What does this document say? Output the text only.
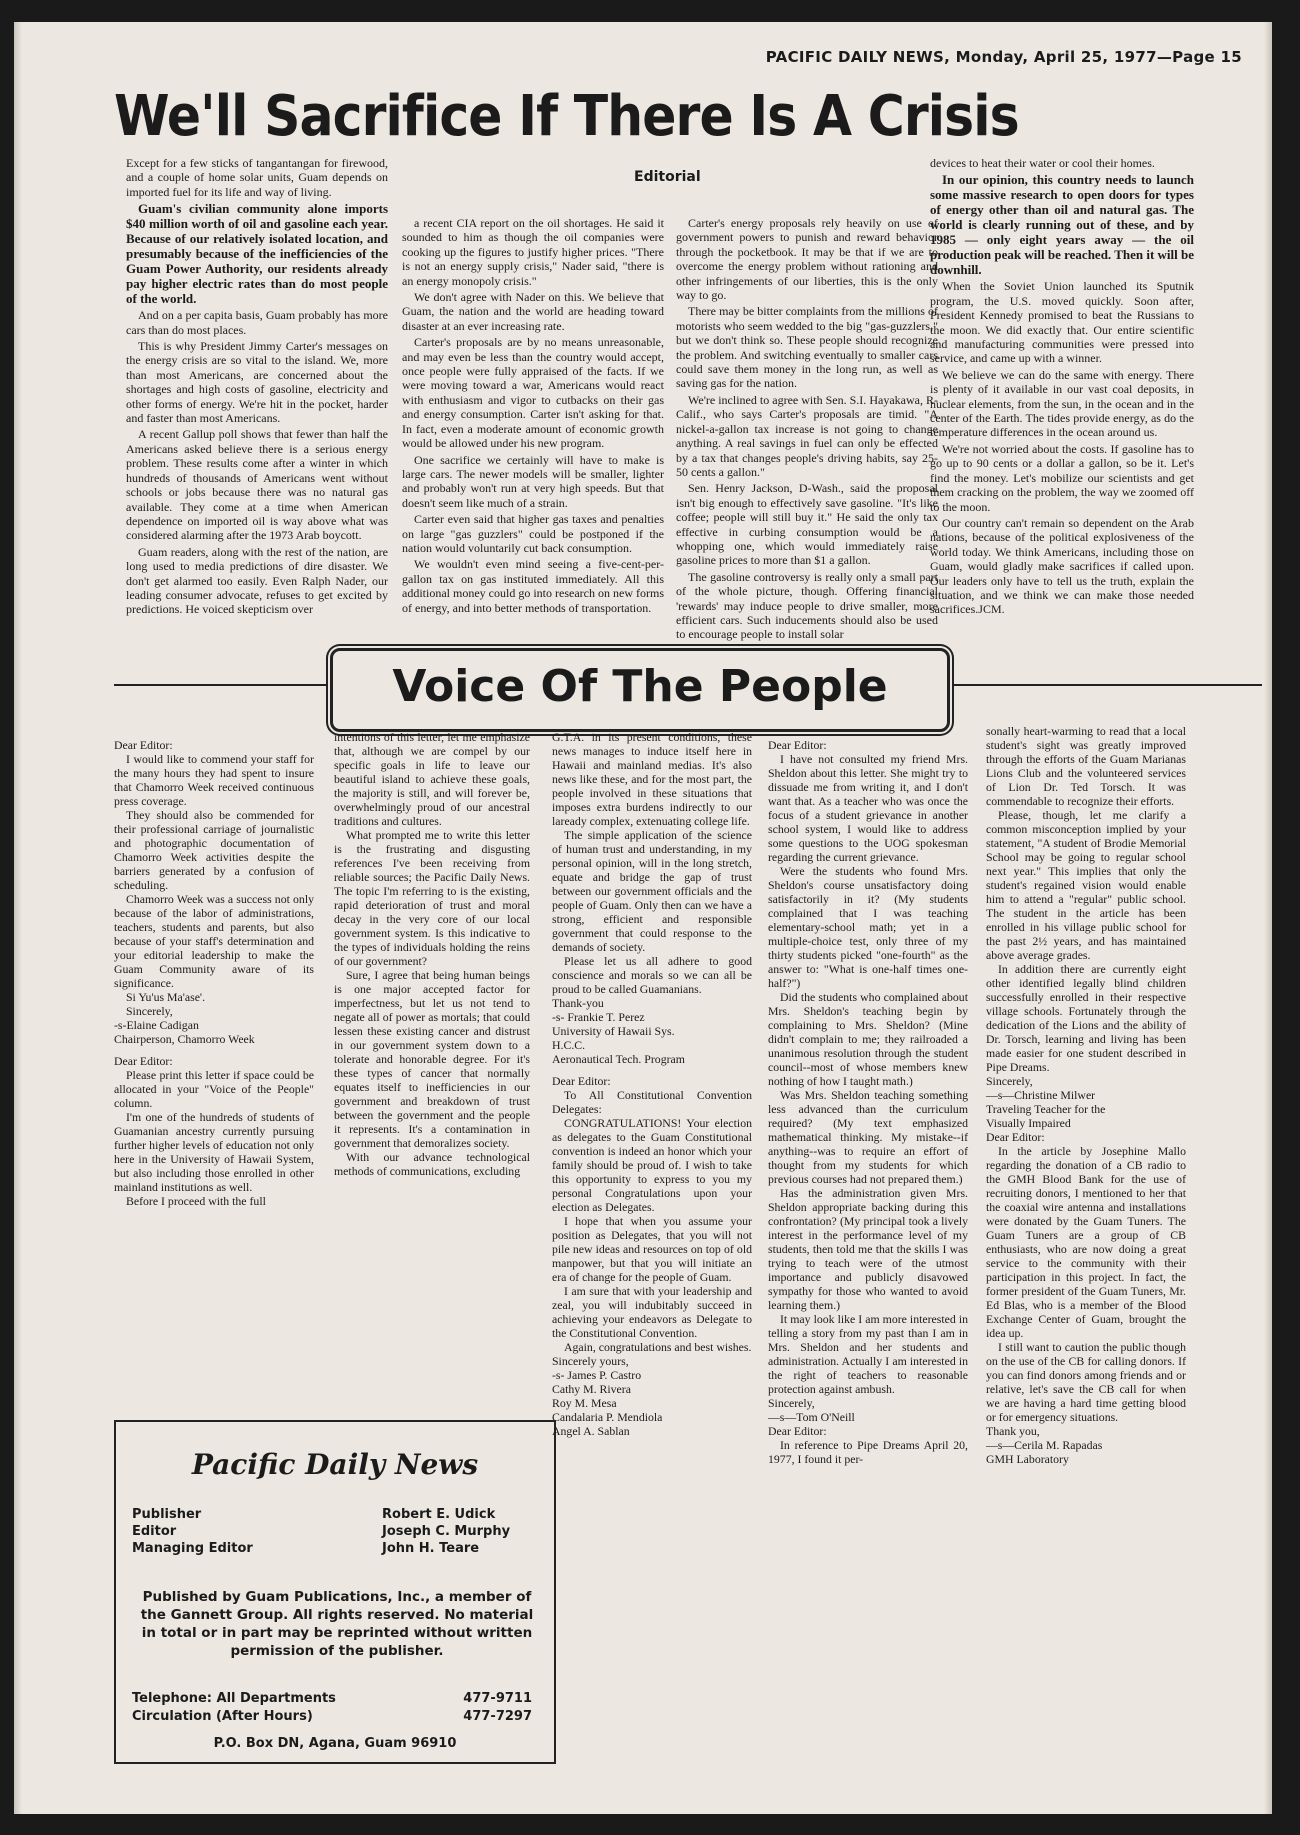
PACIFIC DAILY NEWS, Monday, April 25, 1977—Page 15
We'll Sacrifice If There Is A Crisis
Editorial

Except for a few sticks of tangantangan for firewood, and a couple of home solar units, Guam depends on imported fuel for its life and way of living.

Guam's civilian community alone imports $40 million worth of oil and gasoline each year. Because of our relatively isolated location, and presumably because of the inefficiencies of the Guam Power Authority, our residents already pay higher electric rates than do most people of the world.

And on a per capita basis, Guam probably has more cars than do most places.

This is why President Jimmy Carter's messages on the energy crisis are so vital to the island. We, more than most Americans, are concerned about the shortages and high costs of gasoline, electricity and other forms of energy. We're hit in the pocket, harder and faster than most Americans.

A recent Gallup poll shows that fewer than half the Americans asked believe there is a serious energy problem. These results come after a winter in which hundreds of thousands of Americans went without schools or jobs because there was no natural gas available. They come at a time when American dependence on imported oil is way above what was considered alarming after the 1973 Arab boycott.

Guam readers, along with the rest of the nation, are long used to media predictions of dire disaster. We don't get alarmed too easily. Even Ralph Nader, our leading consumer advocate, refuses to get excited by predictions. He voiced skepticism over

a recent CIA report on the oil shortages. He said it sounded to him as though the oil companies were cooking up the figures to justify higher prices. "There is not an energy supply crisis," Nader said, "there is an energy monopoly crisis."

We don't agree with Nader on this. We believe that Guam, the nation and the world are heading toward disaster at an ever increasing rate.

Carter's proposals are by no means unreasonable, and may even be less than the country would accept, once people were fully appraised of the facts. If we were moving toward a war, Americans would react with enthusiasm and vigor to cutbacks on their gas and energy consumption. Carter isn't asking for that. In fact, even a moderate amount of economic growth would be allowed under his new program.

One sacrifice we certainly will have to make is large cars. The newer models will be smaller, lighter and probably won't run at very high speeds. But that doesn't seem like much of a strain.

Carter even said that higher gas taxes and penalties on large "gas guzzlers" could be postponed if the nation would voluntarily cut back consumption.

We wouldn't even mind seeing a five-cent-per-gallon tax on gas instituted immediately. All this additional money could go into research on new forms of energy, and into better methods of transportation.

Carter's energy proposals rely heavily on use of government powers to punish and reward behavior through the pocketbook. It may be that if we are to overcome the energy problem without rationing and other infringements of our liberties, this is the only way to go.

There may be bitter complaints from the millions of motorists who seem wedded to the big "gas-guzzlers," but we don't think so. These people should recognize the problem. And switching eventually to smaller cars could save them money in the long run, as well as saving gas for the nation.

We're inclined to agree with Sen. S.I. Hayakawa, R-Calif., who says Carter's proposals are timid. "A nickel-a-gallon tax increase is not going to change anything. A real savings in fuel can only be effected by a tax that changes people's driving habits, say 25-50 cents a gallon."

Sen. Henry Jackson, D-Wash., said the proposal isn't big enough to effectively save gasoline. "It's like coffee; people will still buy it." He said the only tax effective in curbing consumption would be a whopping one, which would immediately raise gasoline prices to more than $1 a gallon.

The gasoline controversy is really only a small part of the whole picture, though. Offering financial 'rewards' may induce people to drive smaller, more efficient cars. Such inducements should also be used to encourage people to install solar

devices to heat their water or cool their homes.

In our opinion, this country needs to launch some massive research to open doors for types of energy other than oil and natural gas. The world is clearly running out of these, and by 1985 — only eight years away — the oil production peak will be reached. Then it will be downhill.

When the Soviet Union launched its Sputnik program, the U.S. moved quickly. Soon after, President Kennedy promised to beat the Russians to the moon. We did exactly that. Our entire scientific and manufacturing communities were pressed into service, and came up with a winner.

We believe we can do the same with energy. There is plenty of it available in our vast coal deposits, in nuclear elements, from the sun, in the ocean and in the center of the Earth. The tides provide energy, as do the temperature differences in the ocean around us.

We're not worried about the costs. If gasoline has to go up to 90 cents or a dollar a gallon, so be it. Let's find the money. Let's mobilize our scientists and get them cracking on the problem, the way we zoomed off to the moon.

Our country can't remain so dependent on the Arab nations, because of the political explosiveness of the world today. We think Americans, including those on Guam, would gladly make sacrifices if called upon. Our leaders only have to tell us the truth, explain the situation, and we think we can make those needed sacrifices.JCM.

Voice Of The People

Dear Editor:

I would like to commend your staff for the many hours they had spent to insure that Chamorro Week received continuous press coverage.

They should also be commended for their professional carriage of journalistic and photographic documentation of Chamorro Week activities despite the barriers generated by a confusion of scheduling.

Chamorro Week was a success not only because of the labor of administrations, teachers, students and parents, but also because of your staff's determination and your editorial leadership to make the Guam Community aware of its significance.

Si Yu'us Ma'ase'.

Sincerely,

-s-Elaine Cadigan

Chairperson, Chamorro Week

Dear Editor:

Please print this letter if space could be allocated in your "Voice of the People" column.

I'm one of the hundreds of students of Guamanian ancestry currently pursuing further higher levels of education not only here in the University of Hawaii System, but also including those enrolled in other mainland institutions as well.

Before I proceed with the full

intentions of this letter, let me emphasize that, although we are compel by our specific goals in life to leave our beautiful island to achieve these goals, the majority is still, and will forever be, overwhelmingly proud of our ancestral traditions and cultures.

What prompted me to write this letter is the frustrating and disgusting references I've been receiving from reliable sources; the Pacific Daily News. The topic I'm referring to is the existing, rapid deterioration of trust and moral decay in the very core of our local government system. Is this indicative to the types of individuals holding the reins of our government?

Sure, I agree that being human beings is one major accepted factor for imperfectness, but let us not tend to negate all of power as mortals; that could lessen these existing cancer and distrust in our government system down to a tolerate and honorable degree. For it's these types of cancer that normally equates itself to inefficiencies in our government and breakdown of trust between the government and the people it represents. It's a contamination in government that demoralizes society.

With our advance technological methods of communications, excluding

G.T.A. in its present conditions, these news manages to induce itself here in Hawaii and mainland medias. It's also news like these, and for the most part, the people involved in these situations that imposes extra burdens indirectly to our laready complex, extenuating college life.

The simple application of the science of human trust and understanding, in my personal opinion, will in the long stretch, equate and bridge the gap of trust between our government officials and the people of Guam. Only then can we have a strong, efficient and responsible government that could response to the demands of society.

Please let us all adhere to good conscience and morals so we can all be proud to be called Guamanians.

Thank-you

-s- Frankie T. Perez

University of Hawaii Sys.

H.C.C.

Aeronautical Tech. Program

Dear Editor:

To All Constitutional Convention Delegates:

CONGRATULATIONS! Your election as delegates to the Guam Constitutional convention is indeed an honor which your family should be proud of. I wish to take this opportunity to express to you my personal Congratulations upon your election as Delegates.

I hope that when you assume your position as Delegates, that you will not pile new ideas and resources on top of old manpower, but that you will initiate an era of change for the people of Guam.

I am sure that with your leadership and zeal, you will indubitably succeed in achieving your endeavors as Delegate to the Constitutional Convention.

Again, congratulations and best wishes.

Sincerely yours,

-s- James P. Castro

Cathy M. Rivera

Roy M. Mesa

Candalaria P. Mendiola

Angel A. Sablan

Dear Editor:

I have not consulted my friend Mrs. Sheldon about this letter. She might try to dissuade me from writing it, and I don't want that. As a teacher who was once the focus of a student grievance in another school system, I would like to address some questions to the UOG spokesman regarding the current grievance.

Were the students who found Mrs. Sheldon's course unsatisfactory doing satisfactorily in it? (My students complained that I was teaching elementary-school math; yet in a multiple-choice test, only three of my thirty students picked "one-fourth" as the answer to: "What is one-half times one-half?")

Did the students who complained about Mrs. Sheldon's teaching begin by complaining to Mrs. Sheldon? (Mine didn't complain to me; they railroaded a unanimous resolution through the student council--most of whose members knew nothing of how I taught math.)

Was Mrs. Sheldon teaching something less advanced than the curriculum required? (My text emphasized mathematical thinking. My mistake--if anything--was to require an effort of thought from my students for which previous courses had not prepared them.)

Has the administration given Mrs. Sheldon appropriate backing during this confrontation? (My principal took a lively interest in the performance level of my students, then told me that the skills I was trying to teach were of the utmost importance and publicly disavowed sympathy for those who wanted to avoid learning them.)

It may look like I am more interested in telling a story from my past than I am in Mrs. Sheldon and her students and administration. Actually I am interested in the right of teachers to reasonable protection against ambush.

Sincerely,

—s—Tom O'Neill

Dear Editor:

In reference to Pipe Dreams April 20, 1977, I found it per-

sonally heart-warming to read that a local student's sight was greatly improved through the efforts of the Guam Marianas Lions Club and the volunteered services of Lion Dr. Ted Torsch. It was commendable to recognize their efforts.

Please, though, let me clarify a common misconception implied by your statement, "A student of Brodie Memorial School may be going to regular school next year." This implies that only the student's regained vision would enable him to attend a "regular" public school. The student in the article has been enrolled in his village public school for the past 2½ years, and has maintained above average grades.

In addition there are currently eight other identified legally blind children successfully enrolled in their respective village schools. Fortunately through the dedication of the Lions and the ability of Dr. Torsch, learning and living has been made easier for one student described in Pipe Dreams.

Sincerely,

—s—Christine Milwer

Traveling Teacher for the

Visually Impaired

Dear Editor:

In the article by Josephine Mallo regarding the donation of a CB radio to the GMH Blood Bank for the use of recruiting donors, I mentioned to her that the coaxial wire antenna and installations were donated by the Guam Tuners. The Guam Tuners are a group of CB enthusiasts, who are now doing a great service to the community with their participation in this project. In fact, the former president of the Guam Tuners, Mr. Ed Blas, who is a member of the Blood Exchange Center of Guam, brought the idea up.

I still want to caution the public though on the use of the CB for calling donors. If you can find donors among friends and or relative, let's save the CB call for when we are having a hard time getting blood or for emergency situations.

Thank you,

—s—Cerila M. Rapadas

GMH Laboratory

Pacific Daily News
Publisher	Robert E. Udick
Editor	Joseph C. Murphy
Managing Editor	John H. Teare
Published by Guam Publications, Inc., a member of the Gannett Group. All rights reserved. No material in total or in part may be reprinted without written permission of the publisher.
Telephone: All Departments	477-9711
Circulation (After Hours)	477-7297
P.O. Box DN, Agana, Guam 96910
